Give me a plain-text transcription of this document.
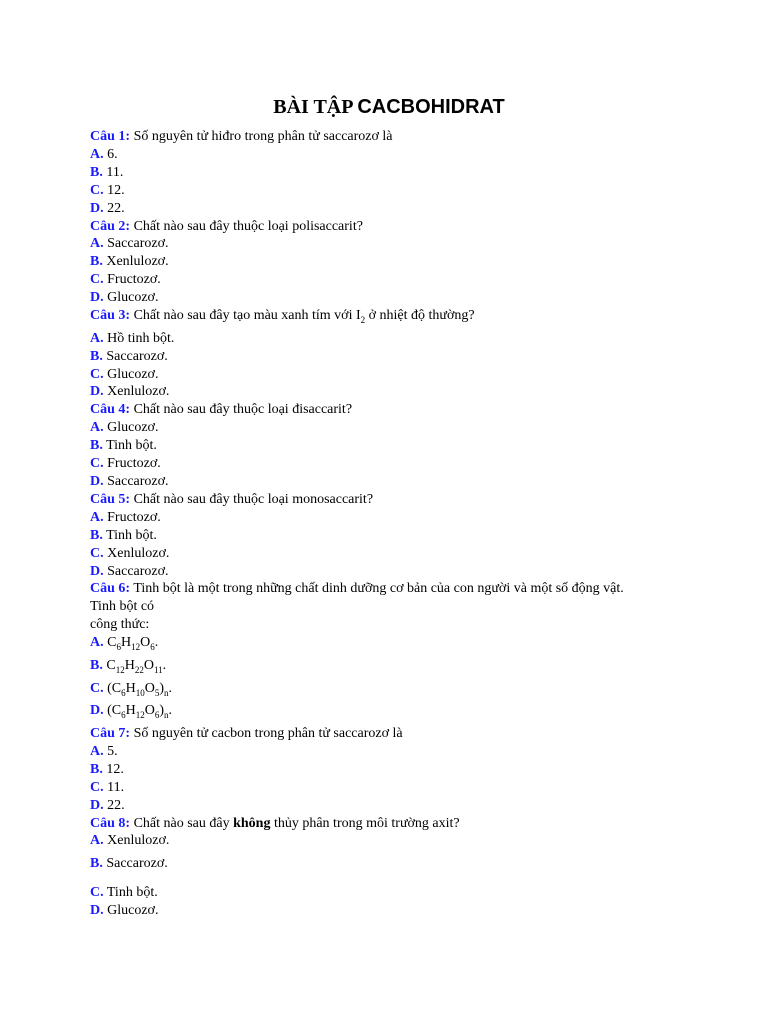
BÀI TẬP CACBOHIDRAT
Câu 1: Số nguyên tử hiđro trong phân tử saccarozơ là
A. 6.
B. 11.
C. 12.
D. 22.
Câu 2: Chất nào sau đây thuộc loại polisaccarit?
A. Saccarozơ.
B. Xenlulozơ.
C. Fructozơ.
D. Glucozơ.
Câu 3: Chất nào sau đây tạo màu xanh tím với $I_2$ ở nhiệt độ thường?
A. Hồ tinh bột.
B. Saccarozơ.
C. Glucozơ.
D. Xenlulozơ.
Câu 4: Chất nào sau đây thuộc loại đisaccarit?
A. Glucozơ.
B. Tinh bột.
C. Fructozơ.
D. Saccarozơ.
Câu 5: Chất nào sau đây thuộc loại monosaccarit?
A. Fructozơ.
B. Tinh bột.
C. Xenlulozơ.
D. Saccarozơ.
Câu 6: Tinh bột là một trong những chất dinh dưỡng cơ bản của con người và một số động vật.
Tinh bột có
công thức:
A. $C_6H_{12}O_6$.
B. $C_{12}H_{22}O_{11}$.
C. $(C_6H_{10}O_5)_n$.
D. $(C_6H_{12}O_6)_n$.
Câu 7: Số nguyên tử cacbon trong phân tử saccarozơ là
A. 5.
B. 12.
C. 11.
D. 22.
Câu 8: Chất nào sau đây không thủy phân trong môi trường axit?
A. Xenlulozơ.
B. Saccarozơ.
C. Tinh bột.
D. Glucozơ.
